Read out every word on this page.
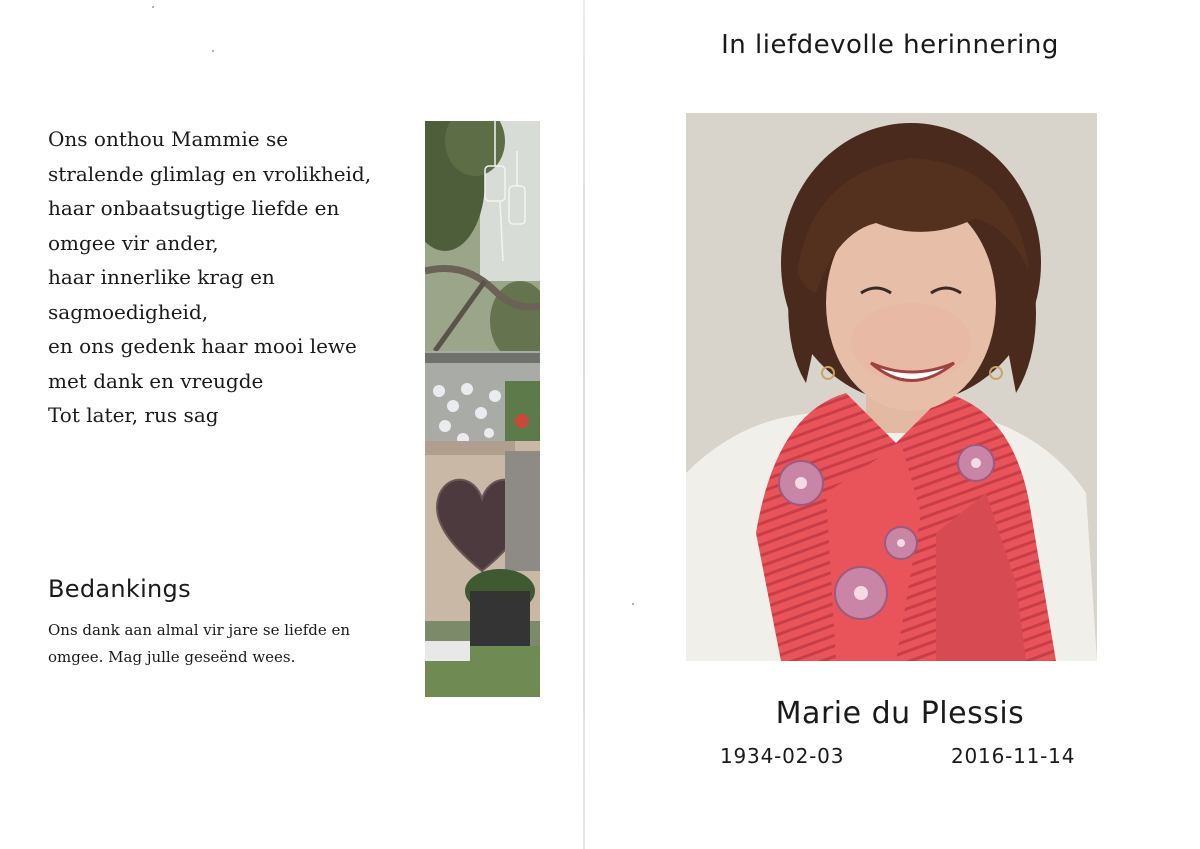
Ons onthou Mammie se
stralende glimlag en vrolikheid,
haar onbaatsugtige liefde en
omgee vir ander,
haar innerlike krag en
sagmoedigheid,
en ons gedenk haar mooi lewe
met dank en vreugde
Tot later, rus sag
Bedankings
Ons dank aan almal vir jare se liefde en
omgee. Mag julle geseënd wees.
In liefdevolle herinnering
Marie du Plessis
1934-02-03	2016-11-14
